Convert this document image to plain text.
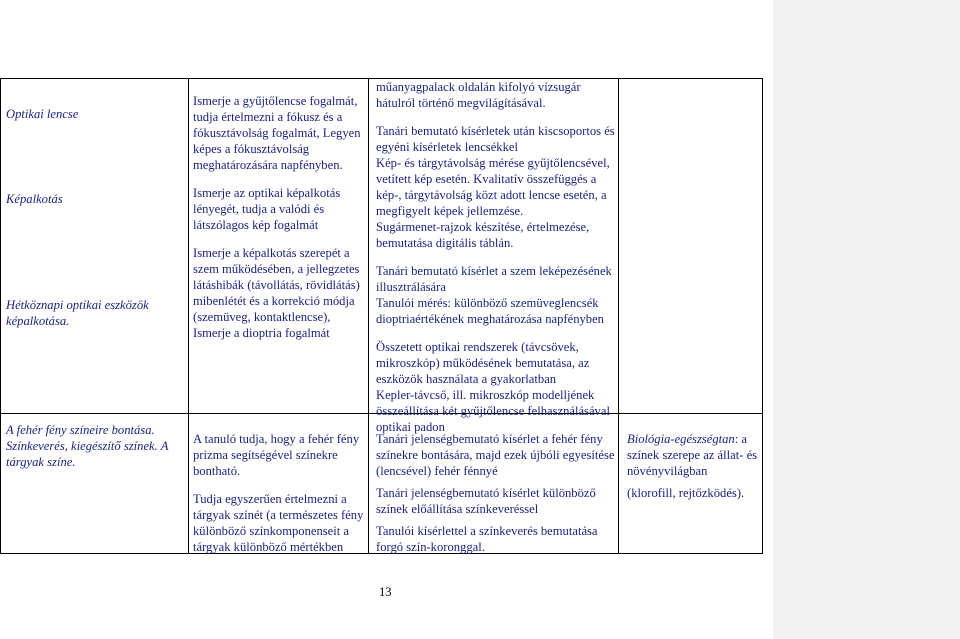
Optikai lencse
Képalkotás
Hétköznapi optikai eszközök képalkotása.
A fehér fény színeire bontása. Színkeverés, kiegészítő színek. A tárgyak színe.

Ismerje a gyűjtőlencse fogalmát, tudja értelmezni a fókusz és a fókusztávolság fogalmát, Legyen képes a fókusztávolság meghatározására napfényben.

Ismerje az optikai képalkotás lényegét, tudja a valódi és látszólagos kép fogalmát

Ismerje a képalkotás szerepét a szem működésében, a jellegzetes látáshibák (távollátás, rövidlátás) mibenlétét és a korrekció módja (szemüveg, kontaktlencse), Ismerje a dioptria fogalmát

A tanuló tudja, hogy a fehér fény prizma segítségével színekre bontható.

Tudja egyszerűen értelmezni a tárgyak színét (a természetes fény különböző színkomponenseit a tárgyak különböző mértékben

műanyagpalack oldalán kifolyó vízsugár hátulról történő megvilágításával.

Tanári bemutató kísérletek után kiscsoportos és egyéni kísérletek lencsékkel
Kép- és tárgytávolság mérése gyűjtőlencsével, vetített kép esetén. Kvalitatív összefüggés a kép-, tárgytávolság közt adott lencse esetén, a megfigyelt képek jellemzése.
Sugármenet-rajzok készítése, értelmezése, bemutatása digitális táblán.

Tanári bemutató kísérlet a szem leképezésének illusztrálására
Tanulói mérés: különböző szemüveglencsék dioptriaértékének meghatározása napfényben

Összetett optikai rendszerek (távcsövek, mikroszkóp) működésének bemutatása, az eszközök használata a gyakorlatban
Kepler-távcső, ill. mikroszkóp modelljének összeállítása két gyűjtőlencse felhasználásával optikai padon

Tanári jelenségbemutató kísérlet a fehér fény színekre bontására, majd ezek újbóli egyesítése (lencsével) fehér fénnyé

Tanári jelenségbemutató kísérlet különböző színek előállítása színkeveréssel

Tanulói kísérlettel a színkeverés bemutatása forgó szín-koronggal.

Biológia-egészségtan: a színek szerepe az állat- és növényvilágban

(klorofill, rejtőzködés).

13
